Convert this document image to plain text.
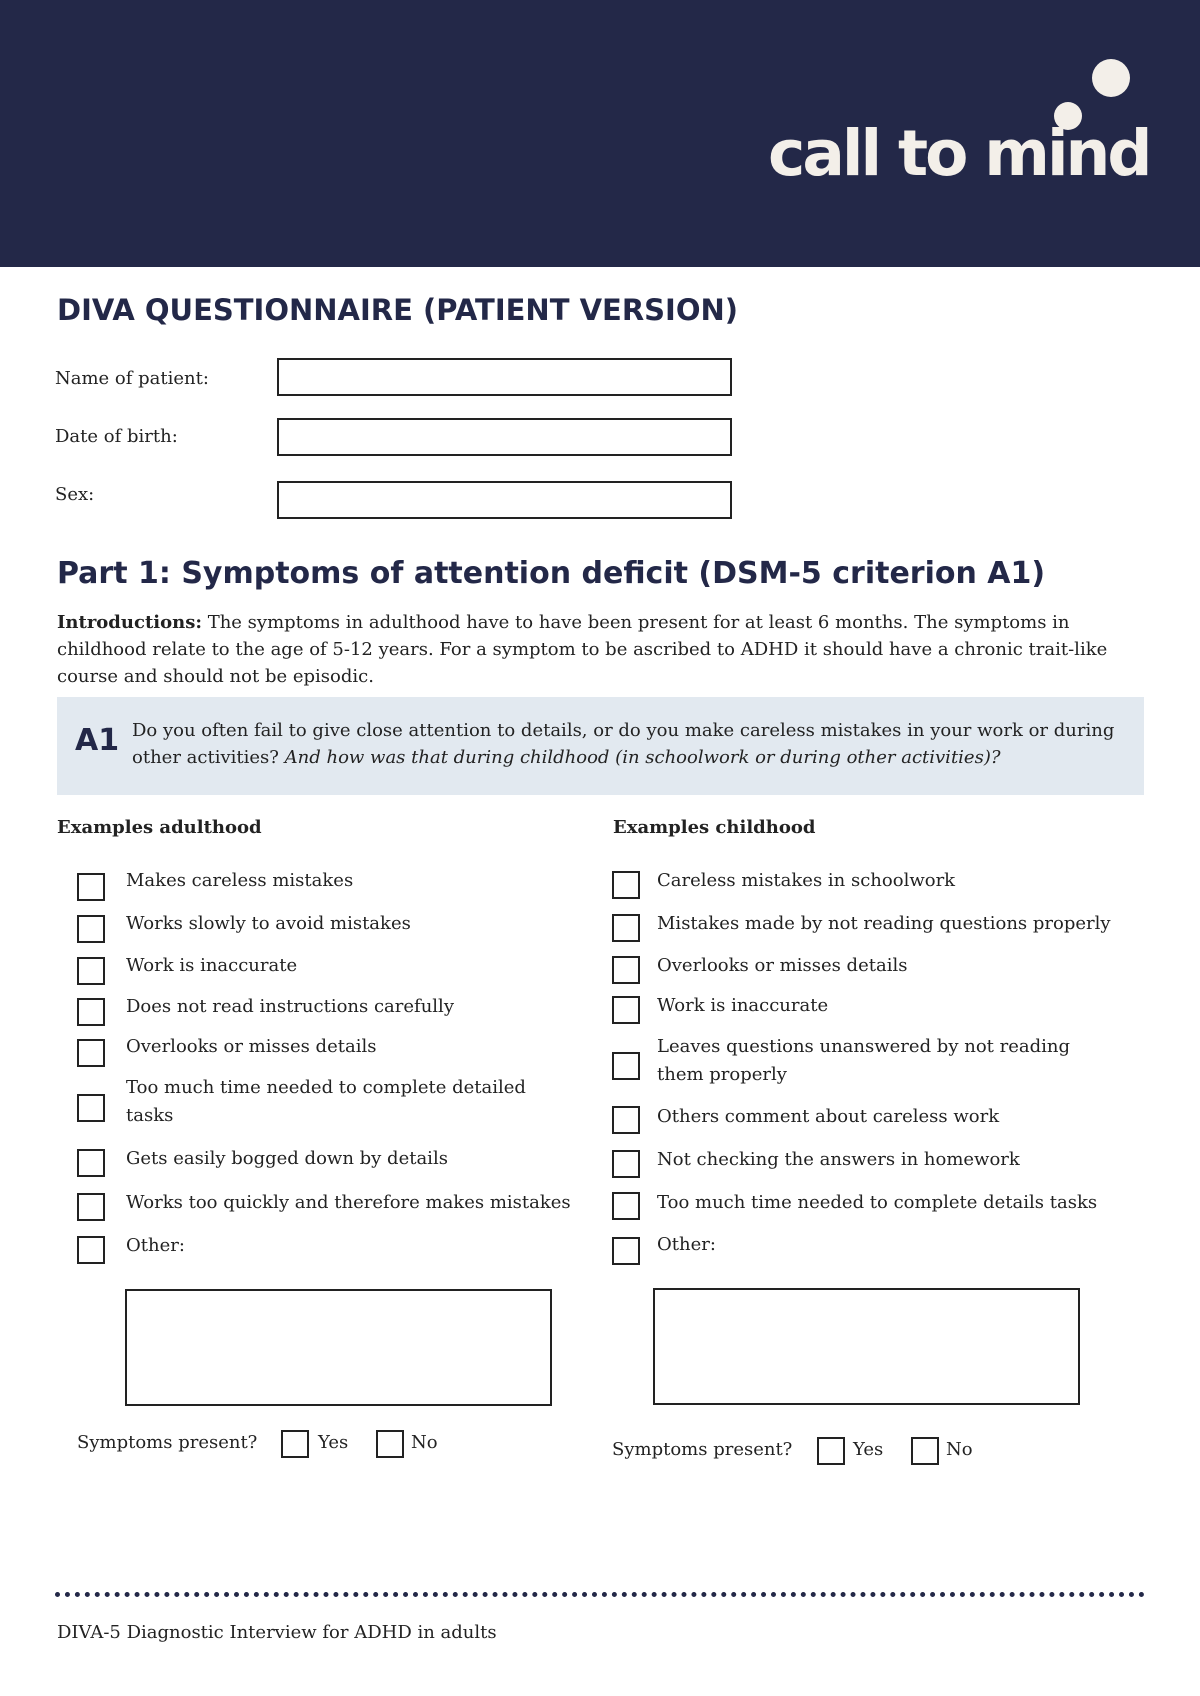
call to mind
DIVA QUESTIONNAIRE (PATIENT VERSION)
Name of patient:
Date of birth:
Sex:
Part 1: Symptoms of attention deficit (DSM-5 criterion A1)
Introductions: The symptoms in adulthood have to have been present for at least 6 months. The symptoms in childhood relate to the age of 5-12 years. For a symptom to be ascribed to ADHD it should have a chronic trait-like course and should not be episodic.
A1 Do you often fail to give close attention to details, or do you make careless mistakes in your work or during other activities? And how was that during childhood (in schoolwork or during other activities)?
Examples adulthood	Examples childhood
Makes careless mistakes
Works slowly to avoid mistakes
Work is inaccurate
Does not read instructions carefully
Overlooks or misses details
Too much time needed to complete detailed tasks
Gets easily bogged down by details
Works too quickly and therefore makes mistakes
Other:
Symptoms present?	Yes	No
Careless mistakes in schoolwork
Mistakes made by not reading questions properly
Overlooks or misses details
Work is inaccurate
Leaves questions unanswered by not reading them properly
Others comment about careless work
Not checking the answers in homework
Too much time needed to complete details tasks
Other:
Symptoms present?	Yes	No
DIVA-5 Diagnostic Interview for ADHD in adults
